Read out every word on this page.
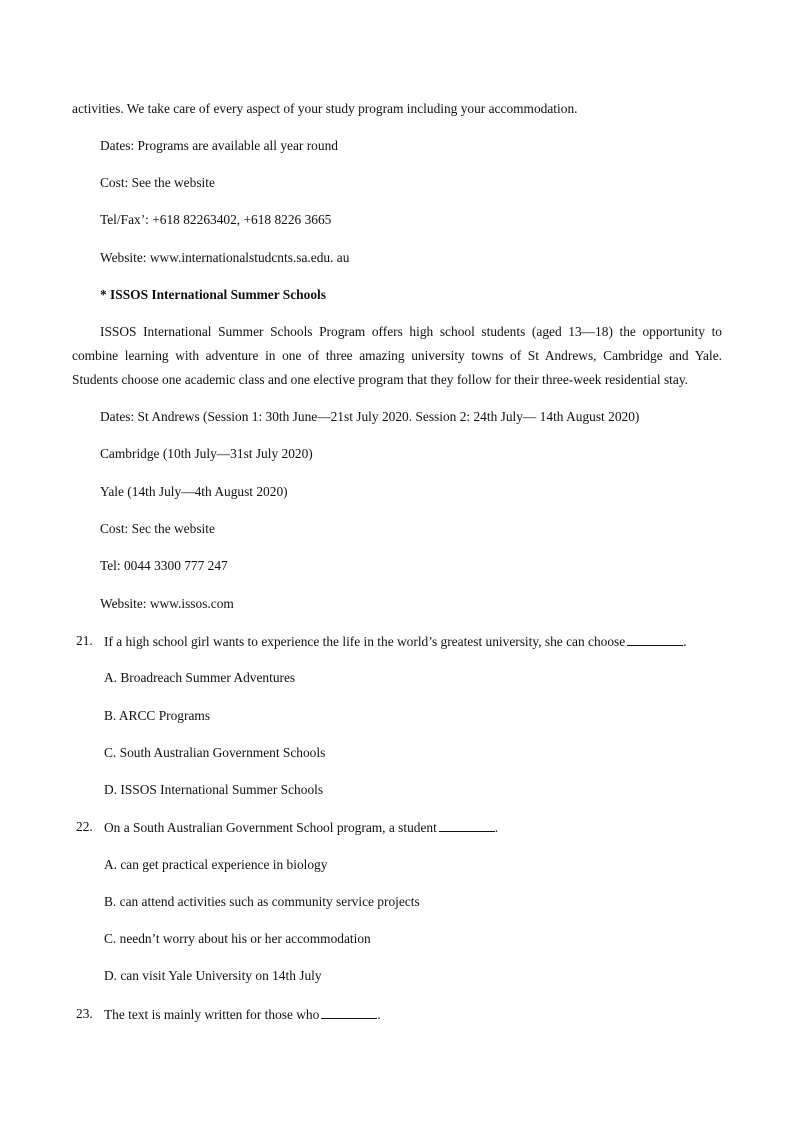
activities. We take care of every aspect of your study program including your accommodation.
Dates: Programs are available all year round
Cost: See the website
Tel/Fax’: +618 82263402, +618 8226 3665
Website: www.internationalstudcnts.sa.edu. au
* ISSOS International Summer Schools
ISSOS International Summer Schools Program offers high school students (aged 13—18) the opportunity to
combine learning with adventure in one of three amazing university towns of St Andrews, Cambridge and Yale.
Students choose one academic class and one elective program that they follow for their three-week residential stay.
Dates: St Andrews (Session 1: 30th June—21st July 2020. Session 2: 24th July— 14th August 2020)
Cambridge (10th July—31st July 2020)
Yale (14th July—4th August 2020)
Cost: Sec the website
Tel: 0044 3300 777 247
Website: www.issos.com
21. If a high school girl wants to experience the life in the world’s greatest university, she can choose	.
A. Broadreach Summer Adventures
B. ARCC Programs
C. South Australian Government Schools
D. ISSOS International Summer Schools
22. On a South Australian Government School program, a student	.
A. can get practical experience in biology
B. can attend activities such as community service projects
C. needn’t worry about his or her accommodation
D. can visit Yale University on 14th July
23. The text is mainly written for those who	.
